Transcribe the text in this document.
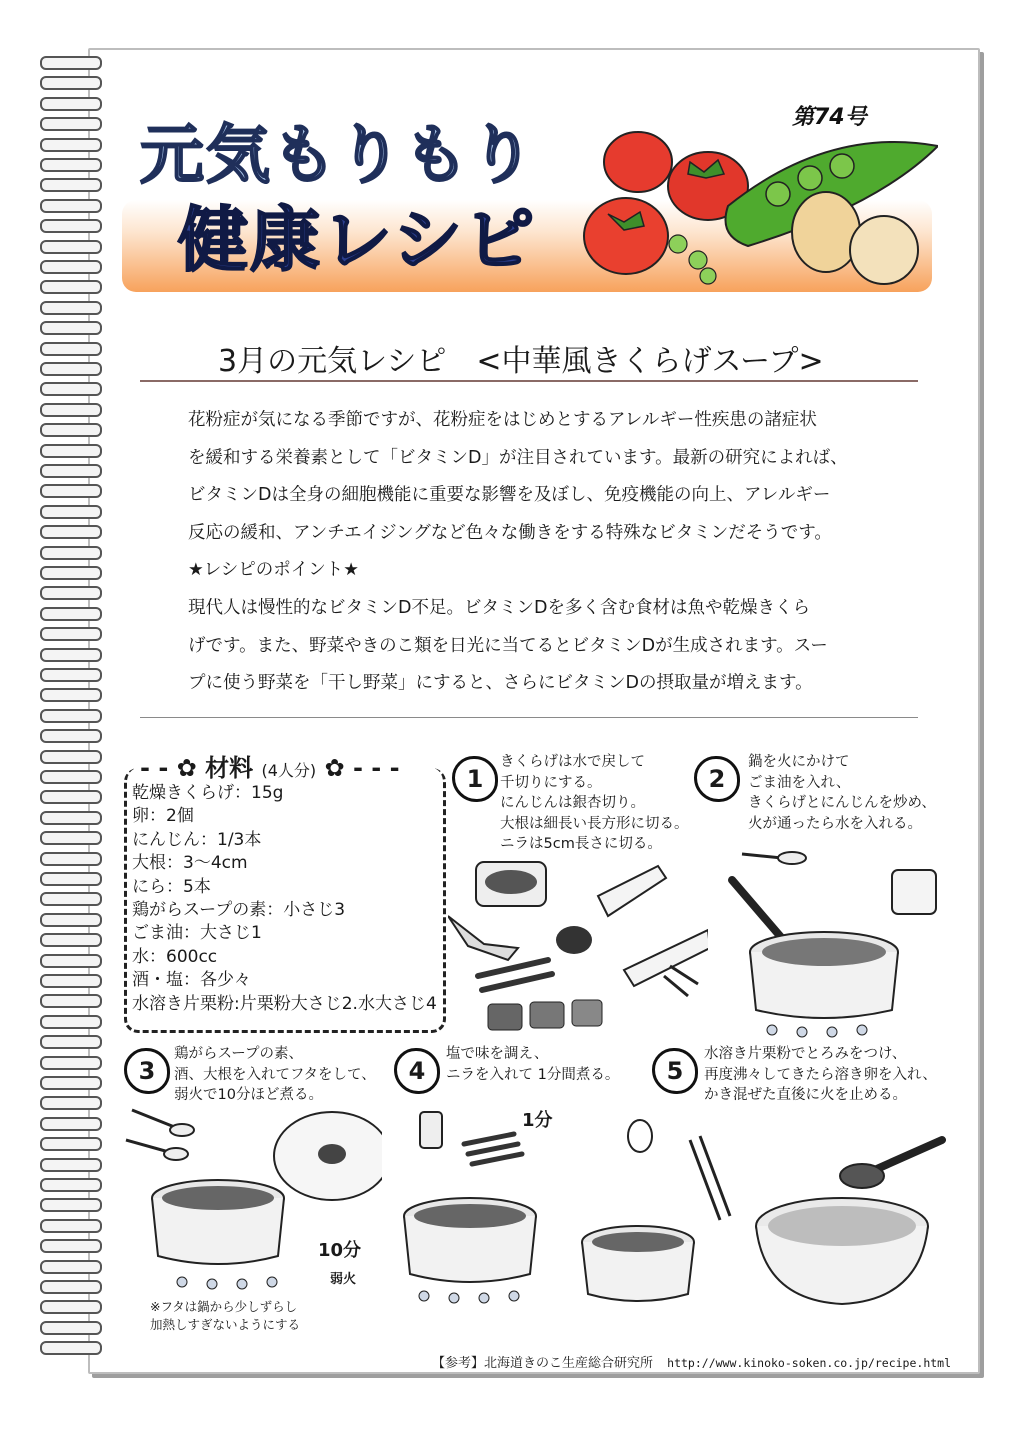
元気もりもり
健康レシピ
第74号
3月の元気レシピ　<中華風きくらげスープ>

花粉症が気になる季節ですが、花粉症をはじめとするアレルギー性疾患の諸症状

を緩和する栄養素として「ビタミンD」が注目されています。最新の研究によれば、

ビタミンDは全身の細胞機能に重要な影響を及ぼし、免疫機能の向上、アレルギー

反応の緩和、アンチエイジングなど色々な働きをする特殊なビタミンだそうです。

★レシピのポイント★

現代人は慢性的なビタミンD不足。ビタミンDを多く含む食材は魚や乾燥きくら

げです。また、野菜やきのこ類を日光に当てるとビタミンDが生成されます。スー

プに使う野菜を「干し野菜」にすると、さらにビタミンDの摂取量が増えます。

- - ✿ 材料 (4人分) ✿ - - -
乾燥きくらげ：15g
卵：2個
にんじん：1/3本
大根：3〜4cm
にら：5本
鶏がらスープの素：小さじ3
ごま油：大さじ1
水：600cc
酒・塩：各少々
水溶き片栗粉:片栗粉大さじ2.水大さじ4
1
きくらげは水で戻して
千切りにする。
にんじんは銀杏切り。
大根は細長い長方形に切る。
ニラは5cm長さに切る。
2
鍋を火にかけて
ごま油を入れ、
きくらげとにんじんを炒め、
火が通ったら水を入れる。
3
鶏がらスープの素、
酒、大根を入れてフタをして、
弱火で10分ほど煮る。
10分
弱火
※フタは鍋から少しずらし
加熱しすぎないようにする
4
塩で味を調え、
ニラを入れて 1分間煮る。
1分
5
水溶き片栗粉でとろみをつけ、
再度沸々してきたら溶き卵を入れ、
かき混ぜた直後に火を止める。
【参考】北海道きのこ生産総合研究所 http://www.kinoko-soken.co.jp/recipe.html
